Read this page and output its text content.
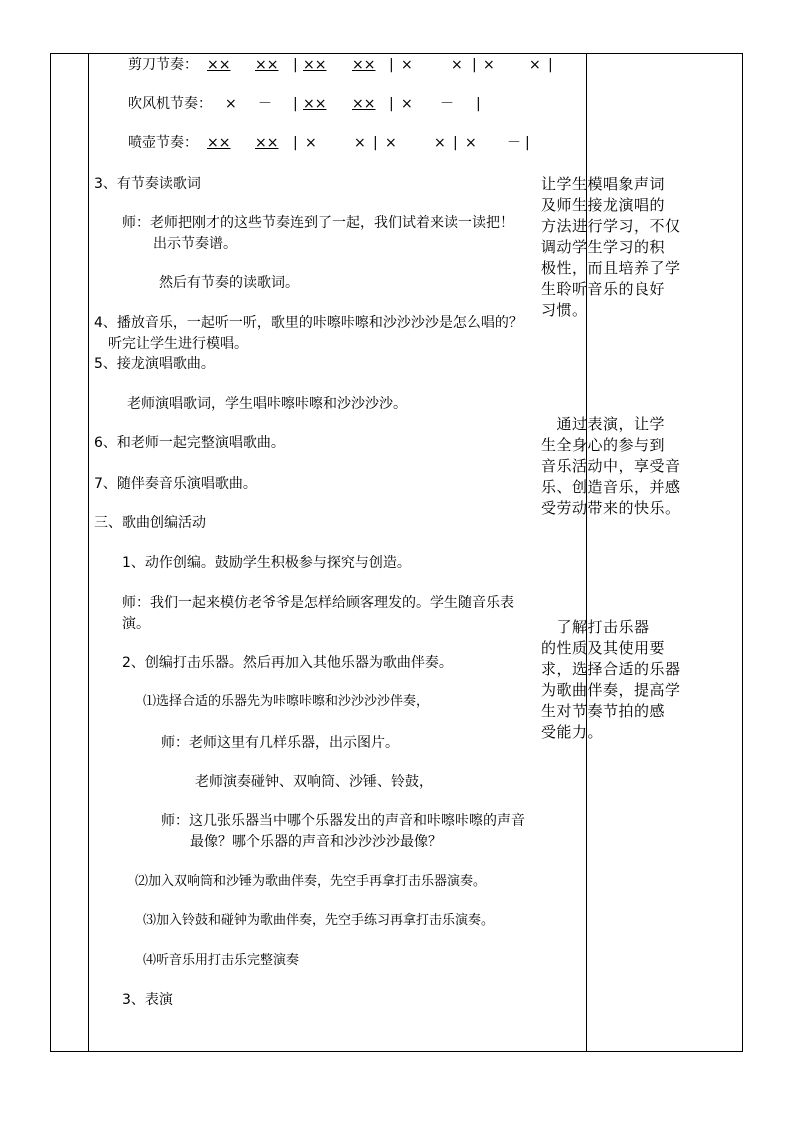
剪刀节奏： ×× ×× | ×× ×× | ×	× | × × |
吹风机节奏： × － | ×× ×× | × － |
喷壶节奏： ×× ×× | ×	× | ×	× | × － |
3、有节奏读歌词
师：老师把刚才的这些节奏连到了一起，我们试着来读一读把！
出示节奏谱。
然后有节奏的读歌词。
4、播放音乐，一起听一听，歌里的咔嚓咔嚓和沙沙沙沙是怎么唱的？
听完让学生进行模唱。
5、接龙演唱歌曲。
老师演唱歌词，学生唱咔嚓咔嚓和沙沙沙沙。
6、和老师一起完整演唱歌曲。
7、随伴奏音乐演唱歌曲。
三、歌曲创编活动
1、动作创编。鼓励学生积极参与探究与创造。
师：我们一起来模仿老爷爷是怎样给顾客理发的。学生随音乐表
演。
2、创编打击乐器。然后再加入其他乐器为歌曲伴奏。
⑴选择合适的乐器先为咔嚓咔嚓和沙沙沙沙伴奏，
师：老师这里有几样乐器，出示图片。
老师演奏碰钟、双响筒、沙锤、铃鼓，
师：这几张乐器当中哪个乐器发出的声音和咔嚓咔嚓的声音
最像？哪个乐器的声音和沙沙沙沙最像？
⑵加入双响筒和沙锤为歌曲伴奏，先空手再拿打击乐器演奏。
⑶加入铃鼓和碰钟为歌曲伴奏，先空手练习再拿打击乐演奏。
⑷听音乐用打击乐完整演奏
3、表演
让学生模唱象声词
及师生接龙演唱的
方法进行学习，不仅
调动学生学习的积
极性，而且培养了学
生聆听音乐的良好
习惯。
　通过表演，让学
生全身心的参与到
音乐活动中，享受音
乐、创造音乐，并感
受劳动带来的快乐。
　了解打击乐器
的性质及其使用要
求，选择合适的乐器
为歌曲伴奏，提高学
生对节奏节拍的感
受能力。
